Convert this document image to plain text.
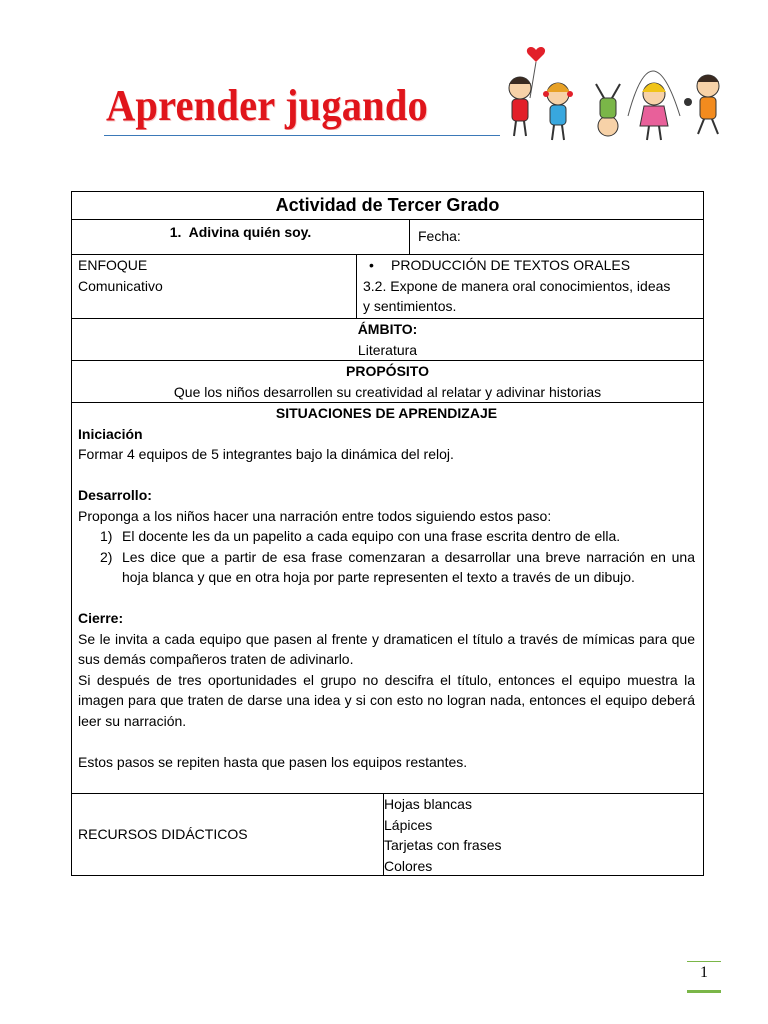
Aprender jugando
Actividad de Tercer Grado
1. Adivina quién soy.	Fecha:

ENFOQUE

Comunicativo

• PRODUCCIÓN DE TEXTOS ORALES

3.2. Expone de manera oral conocimientos, ideas

y sentimientos.

ÁMBITO:

Literatura

PROPÓSITO

Que los niños desarrollen su creatividad al relatar y adivinar historias

SITUACIONES DE APRENDIZAJE

Iniciación

Formar 4 equipos de 5 integrantes bajo la dinámica del reloj.

Desarrollo:

Proponga a los niños hacer una narración entre todos siguiendo estos paso:

1) El docente les da un papelito a cada equipo con una frase escrita dentro de ella.
2) Les dice que a partir de esa frase comenzaran a desarrollar una breve narración en una hoja blanca y que en otra hoja por parte representen el texto a través de un dibujo.

Cierre:

Se le invita a cada equipo que pasen al frente y dramaticen el título a través de mímicas para que sus demás compañeros traten de adivinarlo.

Si después de tres oportunidades el grupo no descifra el título, entonces el equipo muestra la imagen para que traten de darse una idea y si con esto no logran nada, entonces el equipo deberá leer su narración.

Estos pasos se repiten hasta que pasen los equipos restantes.

RECURSOS DIDÁCTICOS

Hojas blancas

Lápices

Tarjetas con frases

Colores

1
